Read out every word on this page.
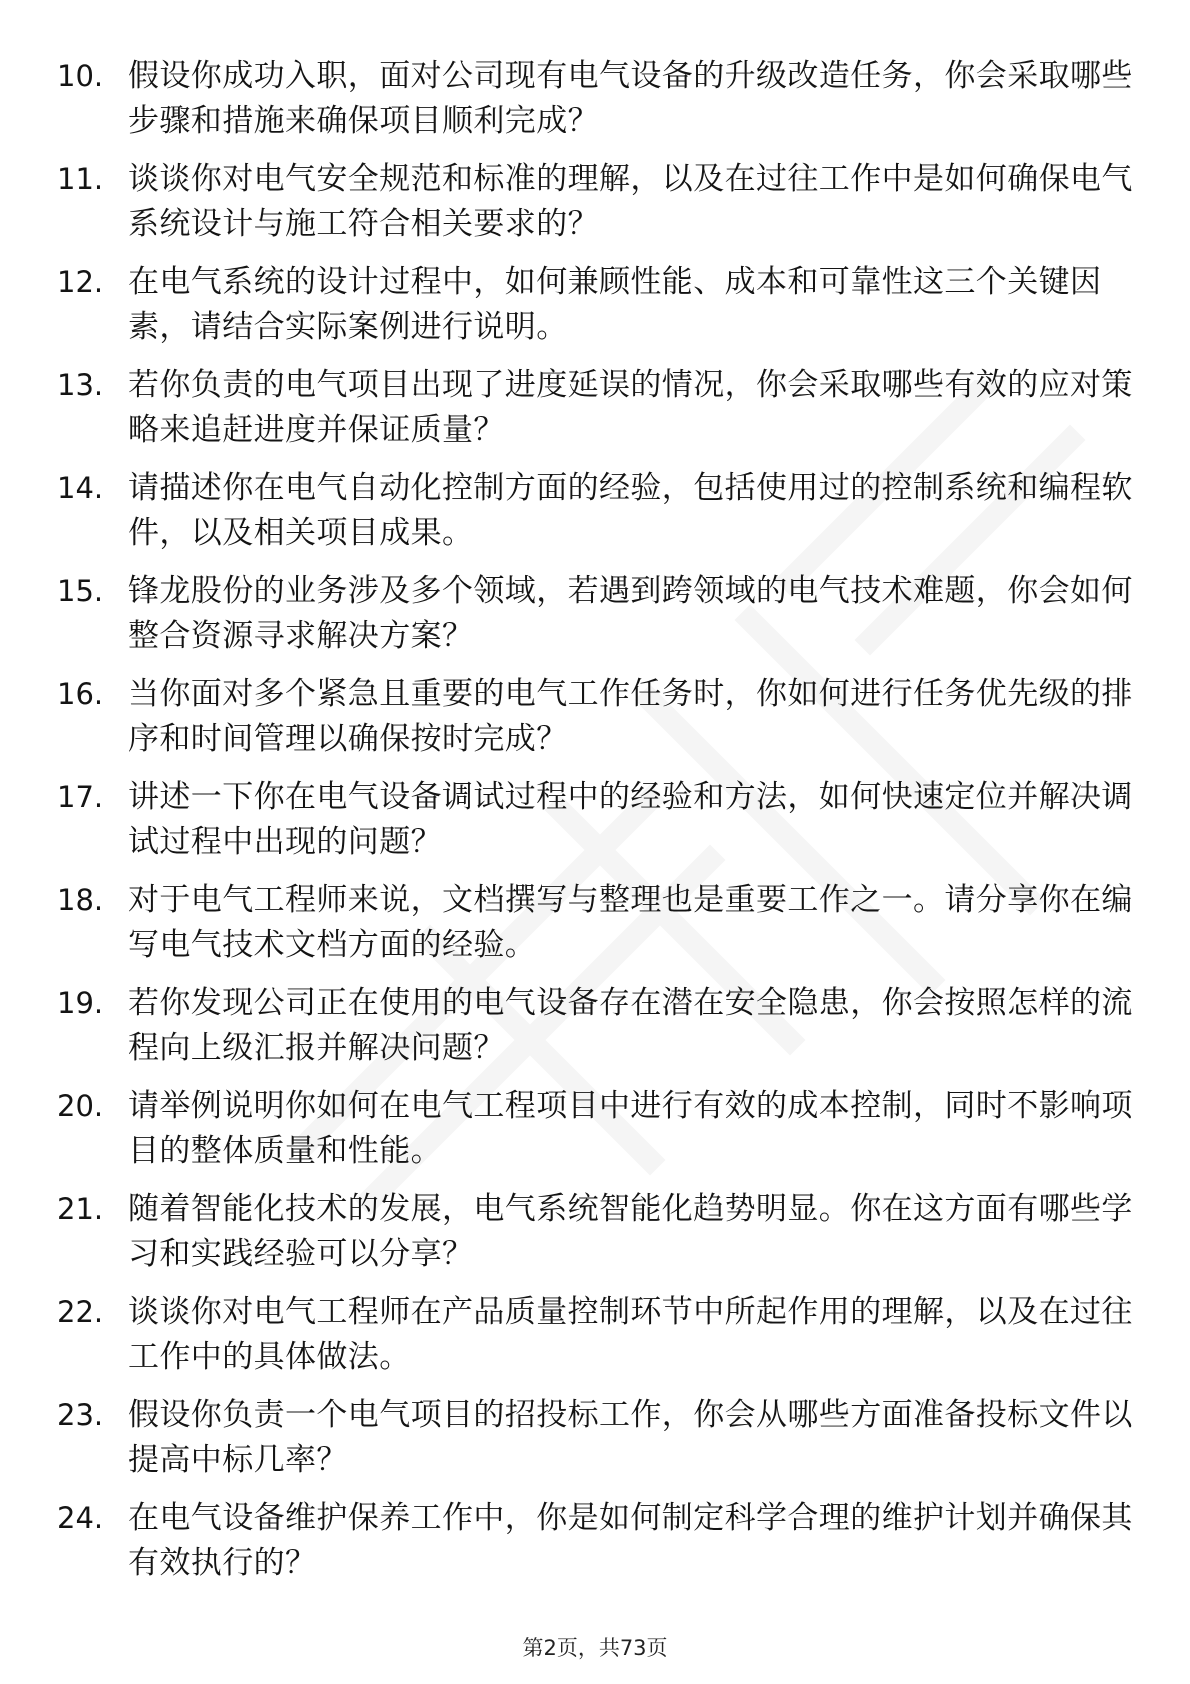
10. 假设你成功入职，面对公司现有电气设备的升级改造任务，你会采取哪些步骤和措施来确保项目顺利完成？
11. 谈谈你对电气安全规范和标准的理解，以及在过往工作中是如何确保电气系统设计与施工符合相关要求的？
12. 在电气系统的设计过程中，如何兼顾性能、成本和可靠性这三个关键因素，请结合实际案例进行说明。
13. 若你负责的电气项目出现了进度延误的情况，你会采取哪些有效的应对策略来追赶进度并保证质量？
14. 请描述你在电气自动化控制方面的经验，包括使用过的控制系统和编程软件，以及相关项目成果。
15. 锋龙股份的业务涉及多个领域，若遇到跨领域的电气技术难题，你会如何整合资源寻求解决方案？
16. 当你面对多个紧急且重要的电气工作任务时，你如何进行任务优先级的排序和时间管理以确保按时完成？
17. 讲述一下你在电气设备调试过程中的经验和方法，如何快速定位并解决调试过程中出现的问题？
18. 对于电气工程师来说，文档撰写与整理也是重要工作之一。请分享你在编写电气技术文档方面的经验。
19. 若你发现公司正在使用的电气设备存在潜在安全隐患，你会按照怎样的流程向上级汇报并解决问题？
20. 请举例说明你如何在电气工程项目中进行有效的成本控制，同时不影响项目的整体质量和性能。
21. 随着智能化技术的发展，电气系统智能化趋势明显。你在这方面有哪些学习和实践经验可以分享？
22. 谈谈你对电气工程师在产品质量控制环节中所起作用的理解，以及在过往工作中的具体做法。
23. 假设你负责一个电气项目的招投标工作，你会从哪些方面准备投标文件以提高中标几率？
24. 在电气设备维护保养工作中，你是如何制定科学合理的维护计划并确保其有效执行的？
第2页，共73页
